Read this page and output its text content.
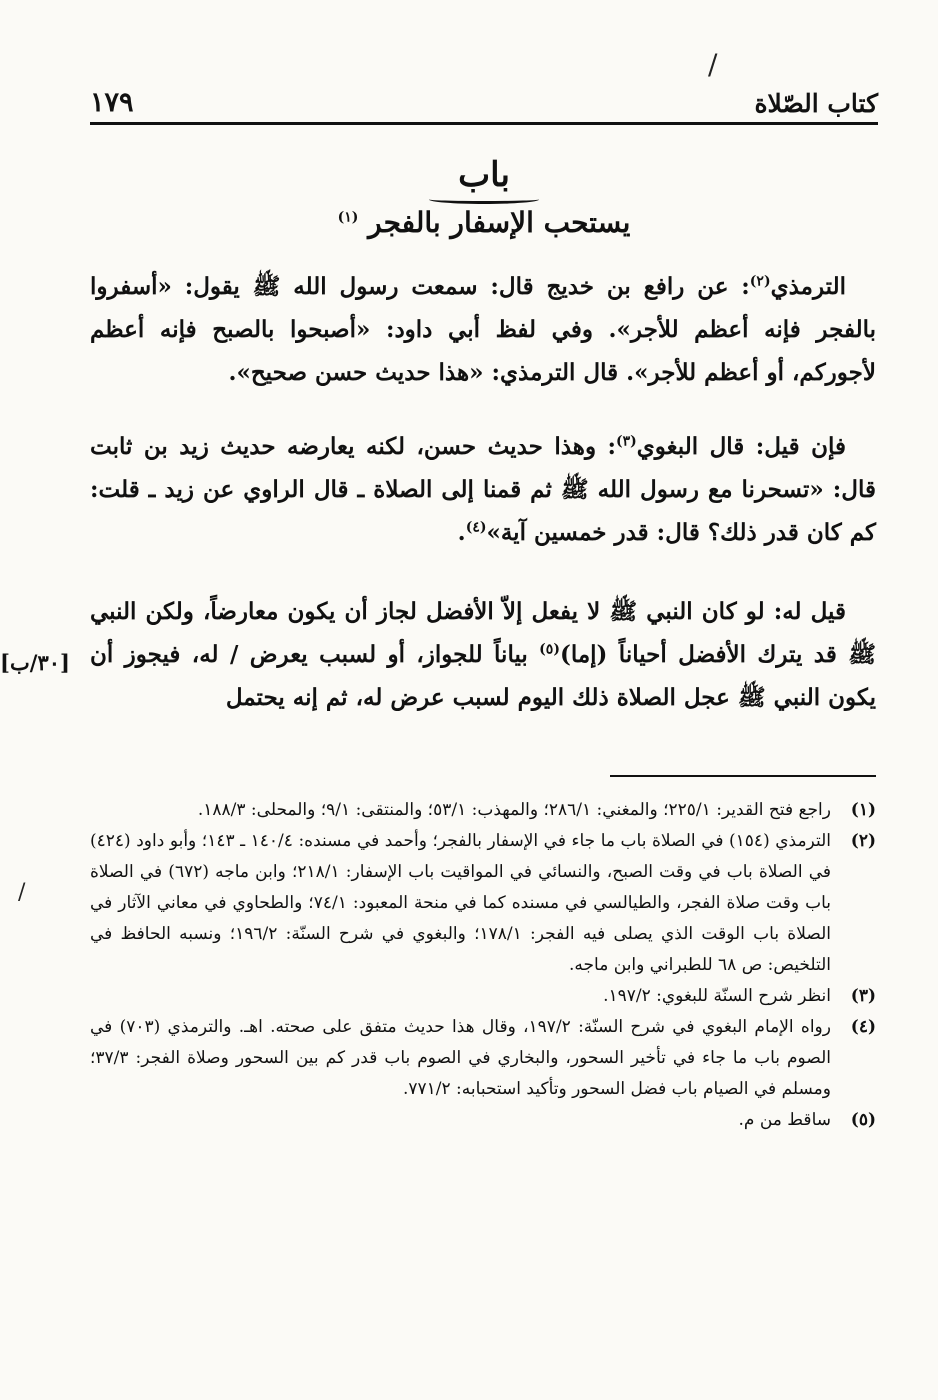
/
/
كتاب الصّلاة
١٧٩
باب
يستحب الإسفار بالفجر $^{(١)}$
الترمذي$^{(٢)}$: عن رافع بن خديج قال: سمعت رسول الله ﷺ يقول: «أسفروا بالفجر فإنه أعظم للأجر». وفي لفظ أبي داود: «أصبحوا بالصبح فإنه أعظم لأجوركم، أو أعظم للأجر». قال الترمذي: «هذا حديث حسن صحيح».
فإن قيل: قال البغوي$^{(٣)}$: وهذا حديث حسن، لكنه يعارضه حديث زيد بن ثابت قال: «تسحرنا مع رسول الله ﷺ ثم قمنا إلى الصلاة ـ قال الراوي عن زيد ـ قلت: كم كان قدر ذلك؟ قال: قدر خمسين آية»$^{(٤)}$.
قيل له: لو كان النبي ﷺ لا يفعل إلاّ الأفضل لجاز أن يكون معارضاً، ولكن النبي ﷺ قد يترك الأفضل أحياناً (إما)$^{(٥)}$ بياناً للجواز، أو لسبب يعرض / له، فيجوز أن يكون النبي ﷺ عجل الصلاة ذلك اليوم لسبب عرض له، ثم إنه يحتمل
[٣٠/ب]
(١)
راجع فتح القدير: ٢٢٥/١؛ والمغني: ٢٨٦/١؛ والمهذب: ٥٣/١؛ والمنتقى: ٩/١؛ والمحلى: ١٨٨/٣.
(٢)
الترمذي (١٥٤) في الصلاة باب ما جاء في الإسفار بالفجر؛ وأحمد في مسنده: ١٤٠/٤ ـ ١٤٣؛ وأبو داود (٤٢٤) في الصلاة باب في وقت الصبح، والنسائي في المواقيت باب الإسفار: ٢١٨/١؛ وابن ماجه (٦٧٢) في الصلاة باب وقت صلاة الفجر، والطيالسي في مسنده كما في منحة المعبود: ٧٤/١؛ والطحاوي في معاني الآثار في الصلاة باب الوقت الذي يصلى فيه الفجر: ١٧٨/١؛ والبغوي في شرح السنّة: ١٩٦/٢؛ ونسبه الحافظ في التلخيص: ص ٦٨ للطبراني وابن ماجه.
(٣)
انظر شرح السنّة للبغوي: ١٩٧/٢.
(٤)
رواه الإمام البغوي في شرح السنّة: ١٩٧/٢، وقال هذا حديث متفق على صحته. اهـ. والترمذي (٧٠٣) في الصوم باب ما جاء في تأخير السحور، والبخاري في الصوم باب قدر كم بين السحور وصلاة الفجر: ٣٧/٣؛ ومسلم في الصيام باب فضل السحور وتأكيد استحبابه: ٧٧١/٢.
(٥)
ساقط من م.
